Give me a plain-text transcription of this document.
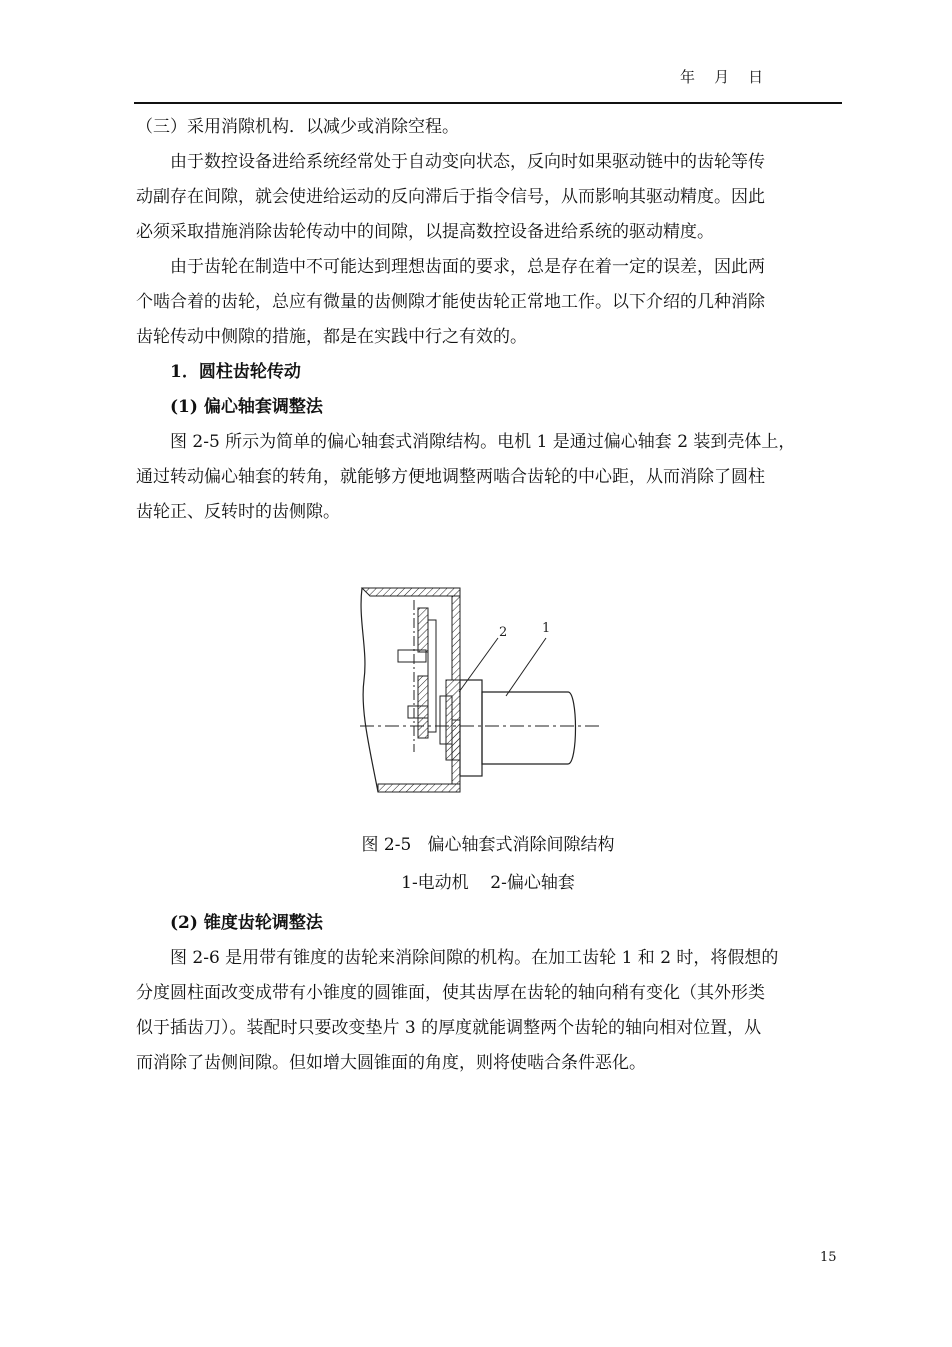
年    月    日
（三）采用消隙机构．以减少或消除空程。
由于数控设备进给系统经常处于自动变向状态，反向时如果驱动链中的齿轮等传
动副存在间隙，就会使进给运动的反向滞后于指令信号，从而影响其驱动精度。因此
必须采取措施消除齿轮传动中的间隙，以提高数控设备进给系统的驱动精度。
由于齿轮在制造中不可能达到理想齿面的要求，总是存在着一定的误差，因此两
个啮合着的齿轮，总应有微量的齿侧隙才能使齿轮正常地工作。以下介绍的几种消除
齿轮传动中侧隙的措施，都是在实践中行之有效的。
1．圆柱齿轮传动
(1) 偏心轴套调整法
图 2-5 所示为简单的偏心轴套式消隙结构。电机 1 是通过偏心轴套 2 装到壳体上，
通过转动偏心轴套的转角，就能够方便地调整两啮合齿轮的中心距，从而消除了圆柱
齿轮正、反转时的齿侧隙。
2	1
图 2-5   偏心轴套式消除间隙结构
1-电动机    2-偏心轴套
(2) 锥度齿轮调整法
图 2-6 是用带有锥度的齿轮来消除间隙的机构。在加工齿轮 1 和 2 时，将假想的
分度圆柱面改变成带有小锥度的圆锥面，使其齿厚在齿轮的轴向稍有变化（其外形类
似于插齿刀）。装配时只要改变垫片 3 的厚度就能调整两个齿轮的轴向相对位置，从
而消除了齿侧间隙。但如增大圆锥面的角度，则将使啮合条件恶化。
15
